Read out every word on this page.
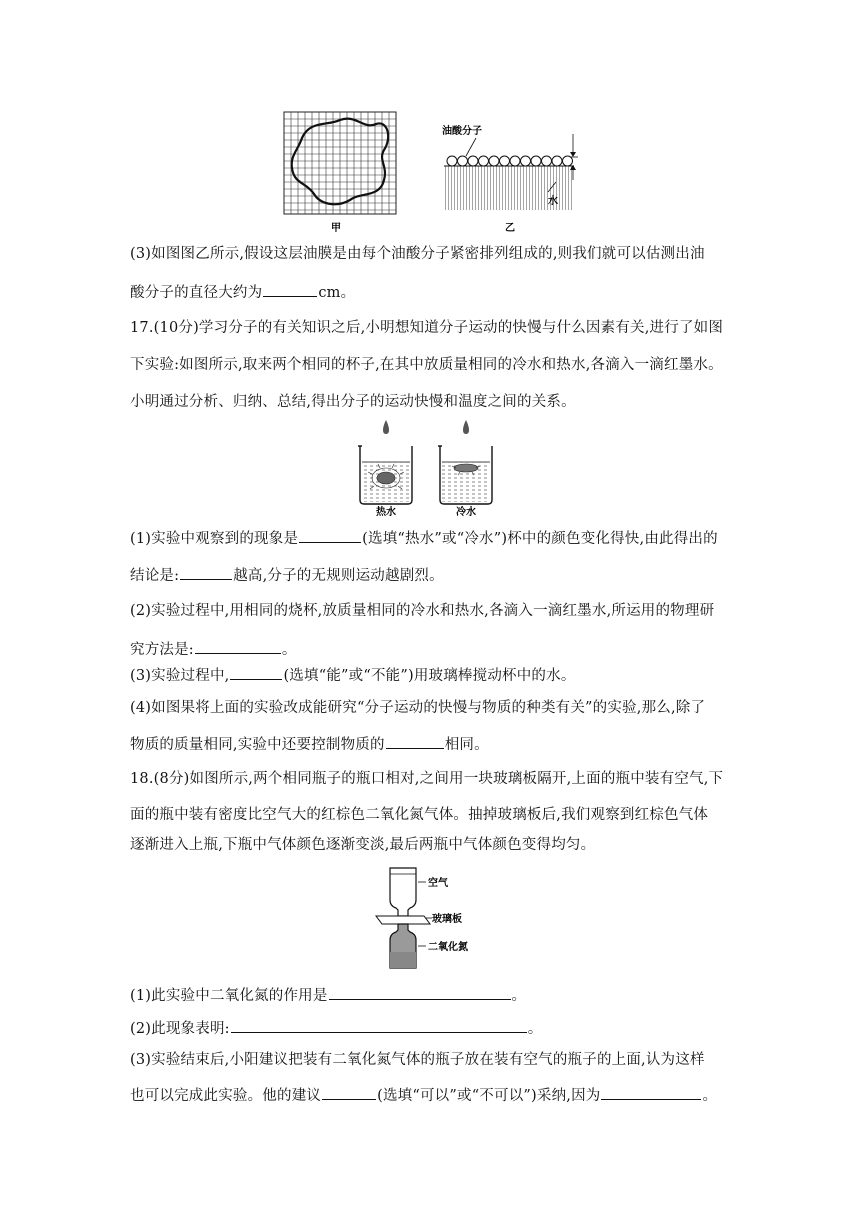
甲
油酸分子
水
乙
(3)如图图乙所示,假设这层油膜是由每个油酸分子紧密排列组成的,则我们就可以估测出油
酸分子的直径大约为	cm。
17.(10分)学习分子的有关知识之后,小明想知道分子运动的快慢与什么因素有关,进行了如图
下实验:如图所示,取来两个相同的杯子,在其中放质量相同的冷水和热水,各滴入一滴红墨水。
小明通过分析、归纳、总结,得出分子的运动快慢和温度之间的关系。
热水	冷水
(1)实验中观察到的现象是	(选填“热水”或“冷水”)杯中的颜色变化得快,由此得出的
结论是:	越高,分子的无规则运动越剧烈。
(2)实验过程中,用相同的烧杯,放质量相同的冷水和热水,各滴入一滴红墨水,所运用的物理研
究方法是:	。
(3)实验过程中,	(选填“能”或“不能”)用玻璃棒搅动杯中的水。
(4)如图果将上面的实验改成能研究“分子运动的快慢与物质的种类有关”的实验,那么,除了
物质的质量相同,实验中还要控制物质的	相同。
18.(8分)如图所示,两个相同瓶子的瓶口相对,之间用一块玻璃板隔开,上面的瓶中装有空气,下
面的瓶中装有密度比空气大的红棕色二氧化氮气体。抽掉玻璃板后,我们观察到红棕色气体
逐渐进入上瓶,下瓶中气体颜色逐渐变淡,最后两瓶中气体颜色变得均匀。
空气
玻璃板
二氧化氮
(1)此实验中二氧化氮的作用是	。
(2)此现象表明:	。
(3)实验结束后,小阳建议把装有二氧化氮气体的瓶子放在装有空气的瓶子的上面,认为这样
也可以完成此实验。他的建议	(选填“可以”或“不可以”)采纳,因为	。
